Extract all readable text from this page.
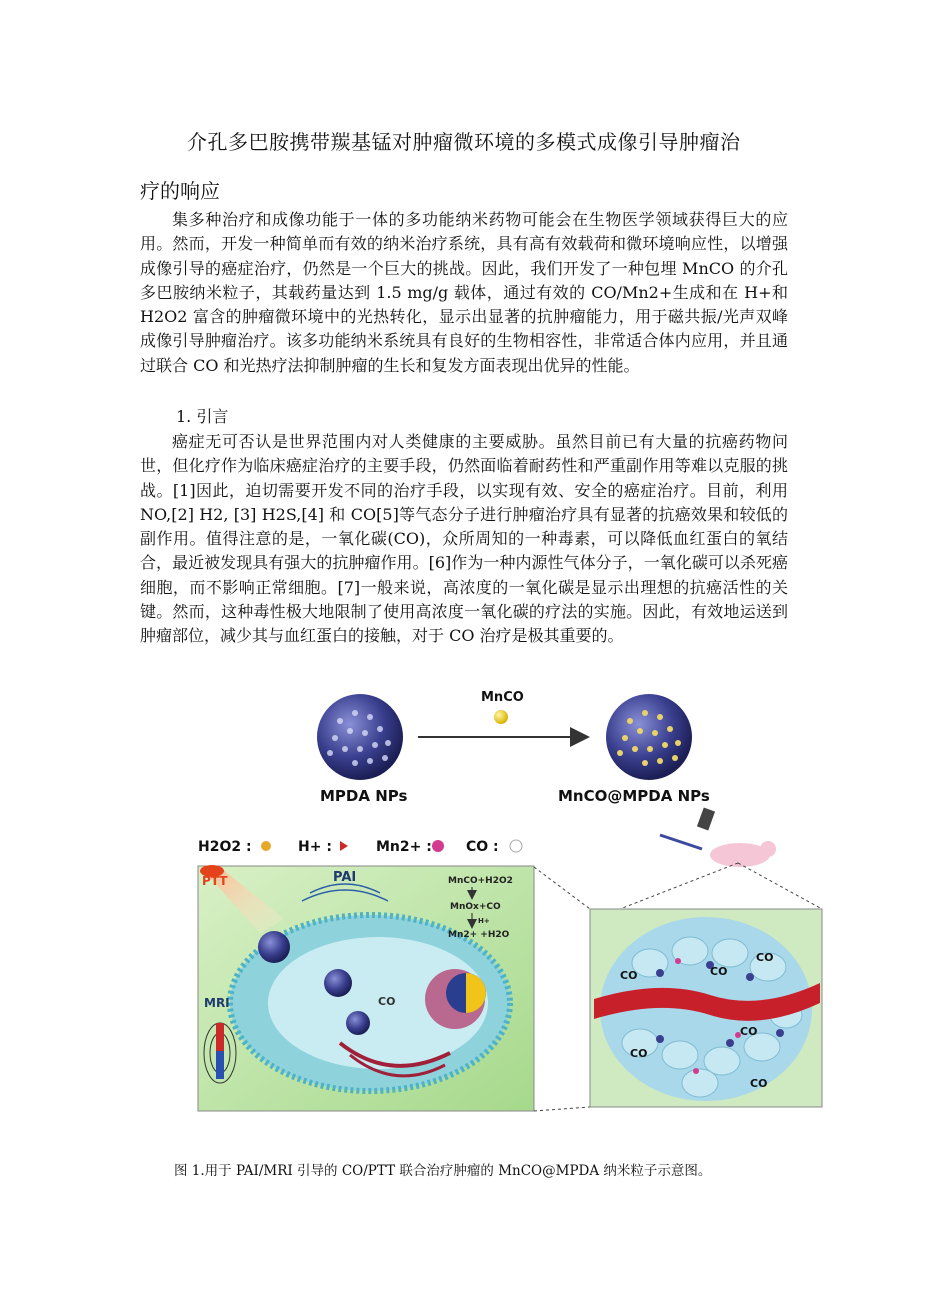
介孔多巴胺携带羰基锰对肿瘤微环境的多模式成像引导肿瘤治
疗的响应

集多种治疗和成像功能于一体的多功能纳米药物可能会在生物医学领域获得巨大的应用。然而，开发一种简单而有效的纳米治疗系统，具有高有效载荷和微环境响应性，以增强成像引导的癌症治疗，仍然是一个巨大的挑战。因此，我们开发了一种包埋 MnCO 的介孔多巴胺纳米粒子，其载药量达到 1.5 mg/g 载体，通过有效的 CO/Mn2+生成和在 H+和 H2O2 富含的肿瘤微环境中的光热转化，显示出显著的抗肿瘤能力，用于磁共振/光声双峰成像引导肿瘤治疗。该多功能纳米系统具有良好的生物相容性，非常适合体内应用，并且通过联合 CO 和光热疗法抑制肿瘤的生长和复发方面表现出优异的性能。

1. 引言

癌症无可否认是世界范围内对人类健康的主要威胁。虽然目前已有大量的抗癌药物问世，但化疗作为临床癌症治疗的主要手段，仍然面临着耐药性和严重副作用等难以克服的挑战。[1]因此，迫切需要开发不同的治疗手段，以实现有效、安全的癌症治疗。目前，利用 NO,[2] H2, [3] H2S,[4] 和 CO[5]等气态分子进行肿瘤治疗具有显著的抗癌效果和较低的副作用。值得注意的是，一氧化碳(CO)，众所周知的一种毒素，可以降低血红蛋白的氧结合，最近被发现具有强大的抗肿瘤作用。[6]作为一种内源性气体分子，一氧化碳可以杀死癌细胞，而不影响正常细胞。[7]一般来说，高浓度的一氧化碳是显示出理想的抗癌活性的关键。然而，这种毒性极大地限制了使用高浓度一氧化碳的疗法的实施。因此，有效地运送到肿瘤部位，减少其与血红蛋白的接触，对于 CO 治疗是极其重要的。

MPDA NPs
MnCO
MnCO@MPDA NPs
H2O2 :	H+ :	Mn2+ : CO :
PTT	PAI
CO
MRI
MnCO+H2O2
MnOx+CO
H+
Mn2+ +H2O
CO	CO
CO
CO
CO
CO
图 1.用于 PAI/MRI 引导的 CO/PTT 联合治疗肿瘤的 MnCO@MPDA 纳米粒子示意图。
